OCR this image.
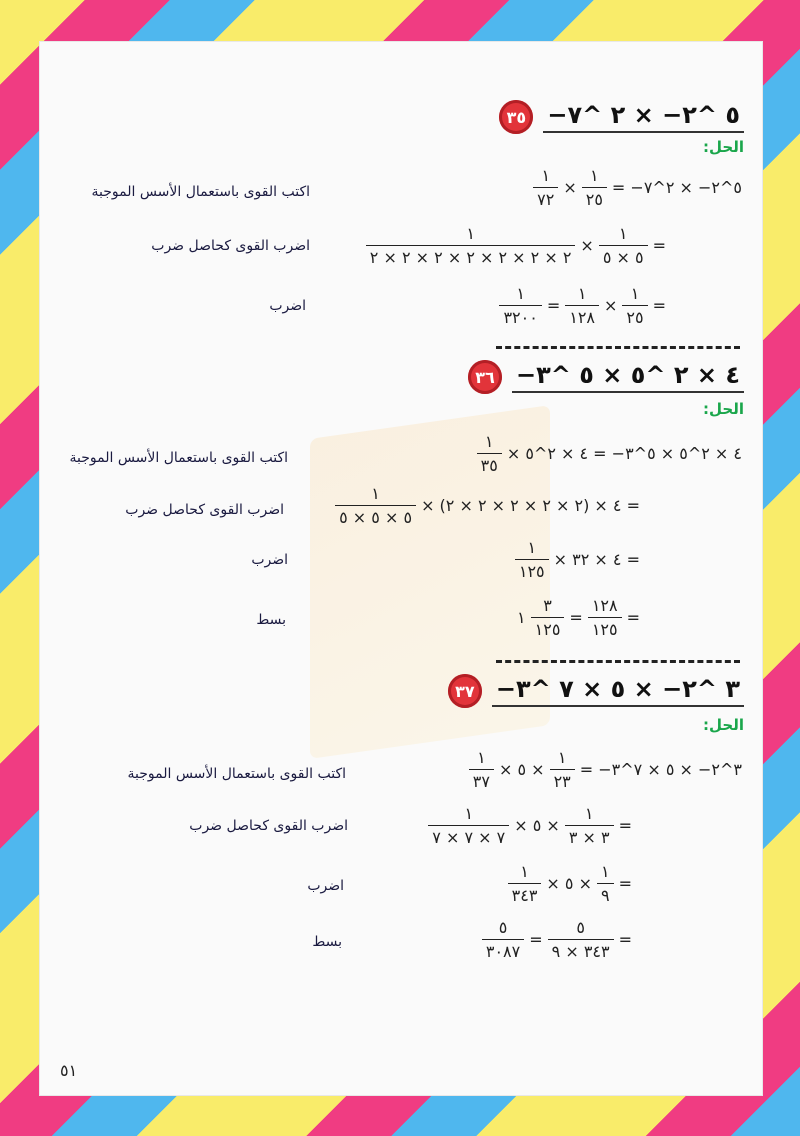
٣٥ ٥ ^٢− × ٢ ^٧−
الحل:
٥^٢− × ٢^٧− =
$\frac{١}{٢٥}$
×
$\frac{١}{٧٢}$
اكتب القوى باستعمال الأسس الموجبة
=
$\frac{١}{٥ \times ٥}$
×
$\frac{١}{٢ \times ٢ \times ٢ \times ٢ \times ٢ \times ٢ \times ٢}$
اضرب القوى كحاصل ضرب
=
$\frac{١}{٢٥}$
×
$\frac{١}{١٢٨}$
=
$\frac{١}{٣٢٠٠}$
اضرب
٣٦ ٤ × ٢ ^٥ × ٥ ^٣−
الحل:
٤ × ٢^٥ × ٥^٣− = ٤ × ٢^٥ ×
$\frac{١}{٣٥}$
اكتب القوى باستعمال الأسس الموجبة
= ٤ × (٢ × ٢ × ٢ × ٢ × ٢) ×
$\frac{١}{٥ \times ٥ \times ٥}$
اضرب القوى كحاصل ضرب
= ٤ × ٣٢ ×
$\frac{١}{١٢٥}$
اضرب
=
$\frac{١٢٨}{١٢٥}$
=
$\frac{٣}{١٢٥}$
١
بسط
٣٧ ٣ ^٢− × ٥ × ٧ ^٣−
الحل:
٣^٢− × ٥ × ٧^٣− =
$\frac{١}{٢٣}$
× ٥ ×
$\frac{١}{٣٧}$
اكتب القوى باستعمال الأسس الموجبة
=
$\frac{١}{٣ \times ٣}$
× ٥ ×
$\frac{١}{٧ \times ٧ \times ٧}$
اضرب القوى كحاصل ضرب
=
$\frac{١}{٩}$
× ٥ ×
$\frac{١}{٣٤٣}$
اضرب
=
$\frac{٥}{٣٤٣ \times ٩}$
=
$\frac{٥}{٣٠٨٧}$
بسط
٥١
